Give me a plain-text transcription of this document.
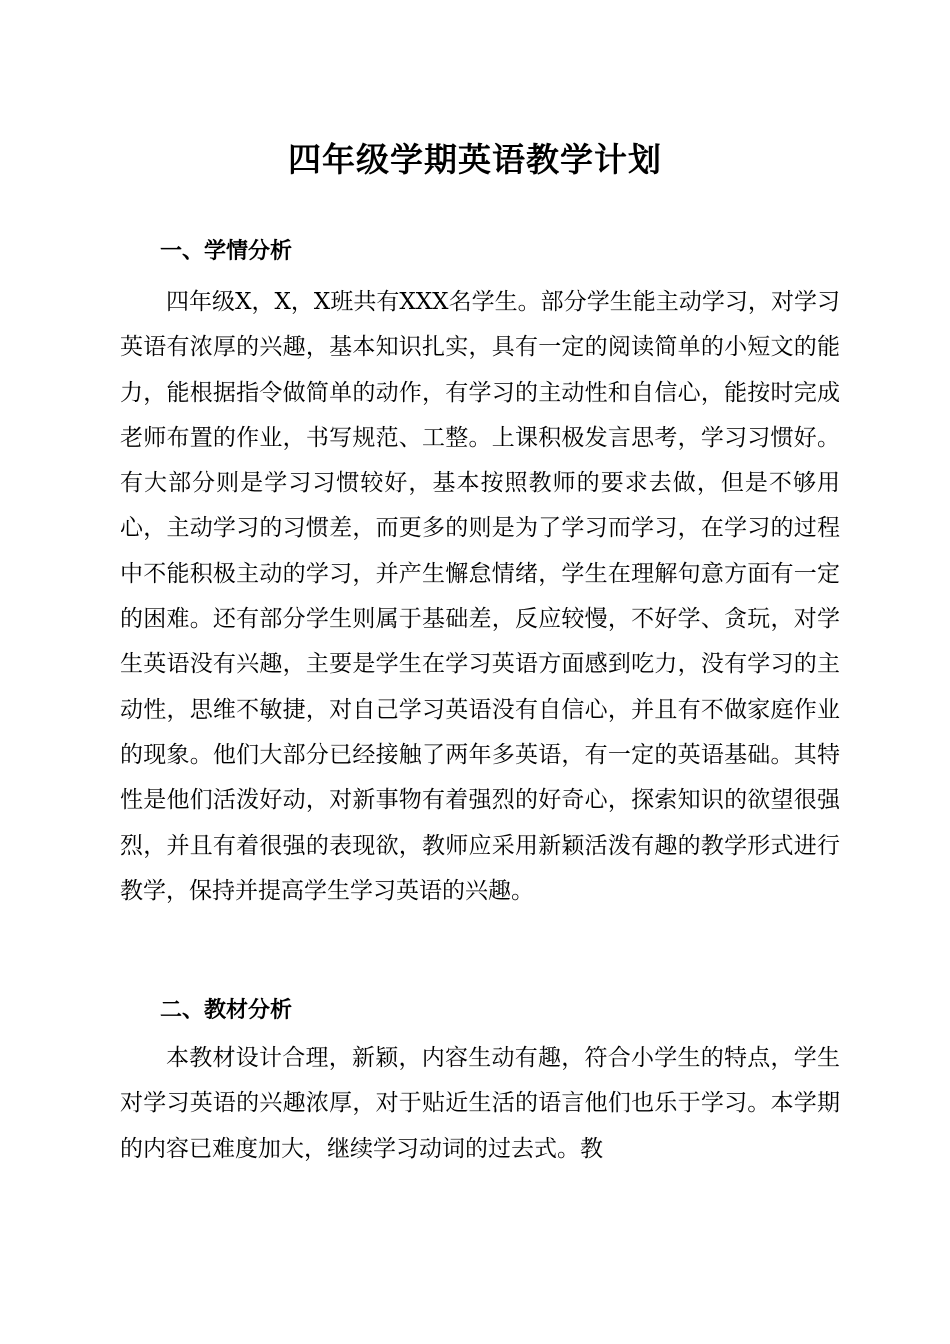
四年级学期英语教学计划
一、学情分析

四年级X，X，X班共有XXX名学生。部分学生能主动学习，对学习英语有浓厚的兴趣，基本知识扎实，具有一定的阅读简单的小短文的能力，能根据指令做简单的动作，有学习的主动性和自信心，能按时完成老师布置的作业，书写规范、工整。上课积极发言思考，学习习惯好。有大部分则是学习习惯较好，基本按照教师的要求去做，但是不够用心，主动学习的习惯差，而更多的则是为了学习而学习，在学习的过程中不能积极主动的学习，并产生懈怠情绪，学生在理解句意方面有一定的困难。还有部分学生则属于基础差，反应较慢，不好学、贪玩，对学生英语没有兴趣，主要是学生在学习英语方面感到吃力，没有学习的主动性，思维不敏捷，对自己学习英语没有自信心，并且有不做家庭作业的现象。他们大部分已经接触了两年多英语，有一定的英语基础。其特性是他们活泼好动，对新事物有着强烈的好奇心，探索知识的欲望很强烈，并且有着很强的表现欲，教师应采用新颖活泼有趣的教学形式进行教学，保持并提高学生学习英语的兴趣。

二、教材分析

本教材设计合理，新颖，内容生动有趣，符合小学生的特点，学生对学习英语的兴趣浓厚，对于贴近生活的语言他们也乐于学习。本学期的内容已难度加大，继续学习动词的过去式。教
